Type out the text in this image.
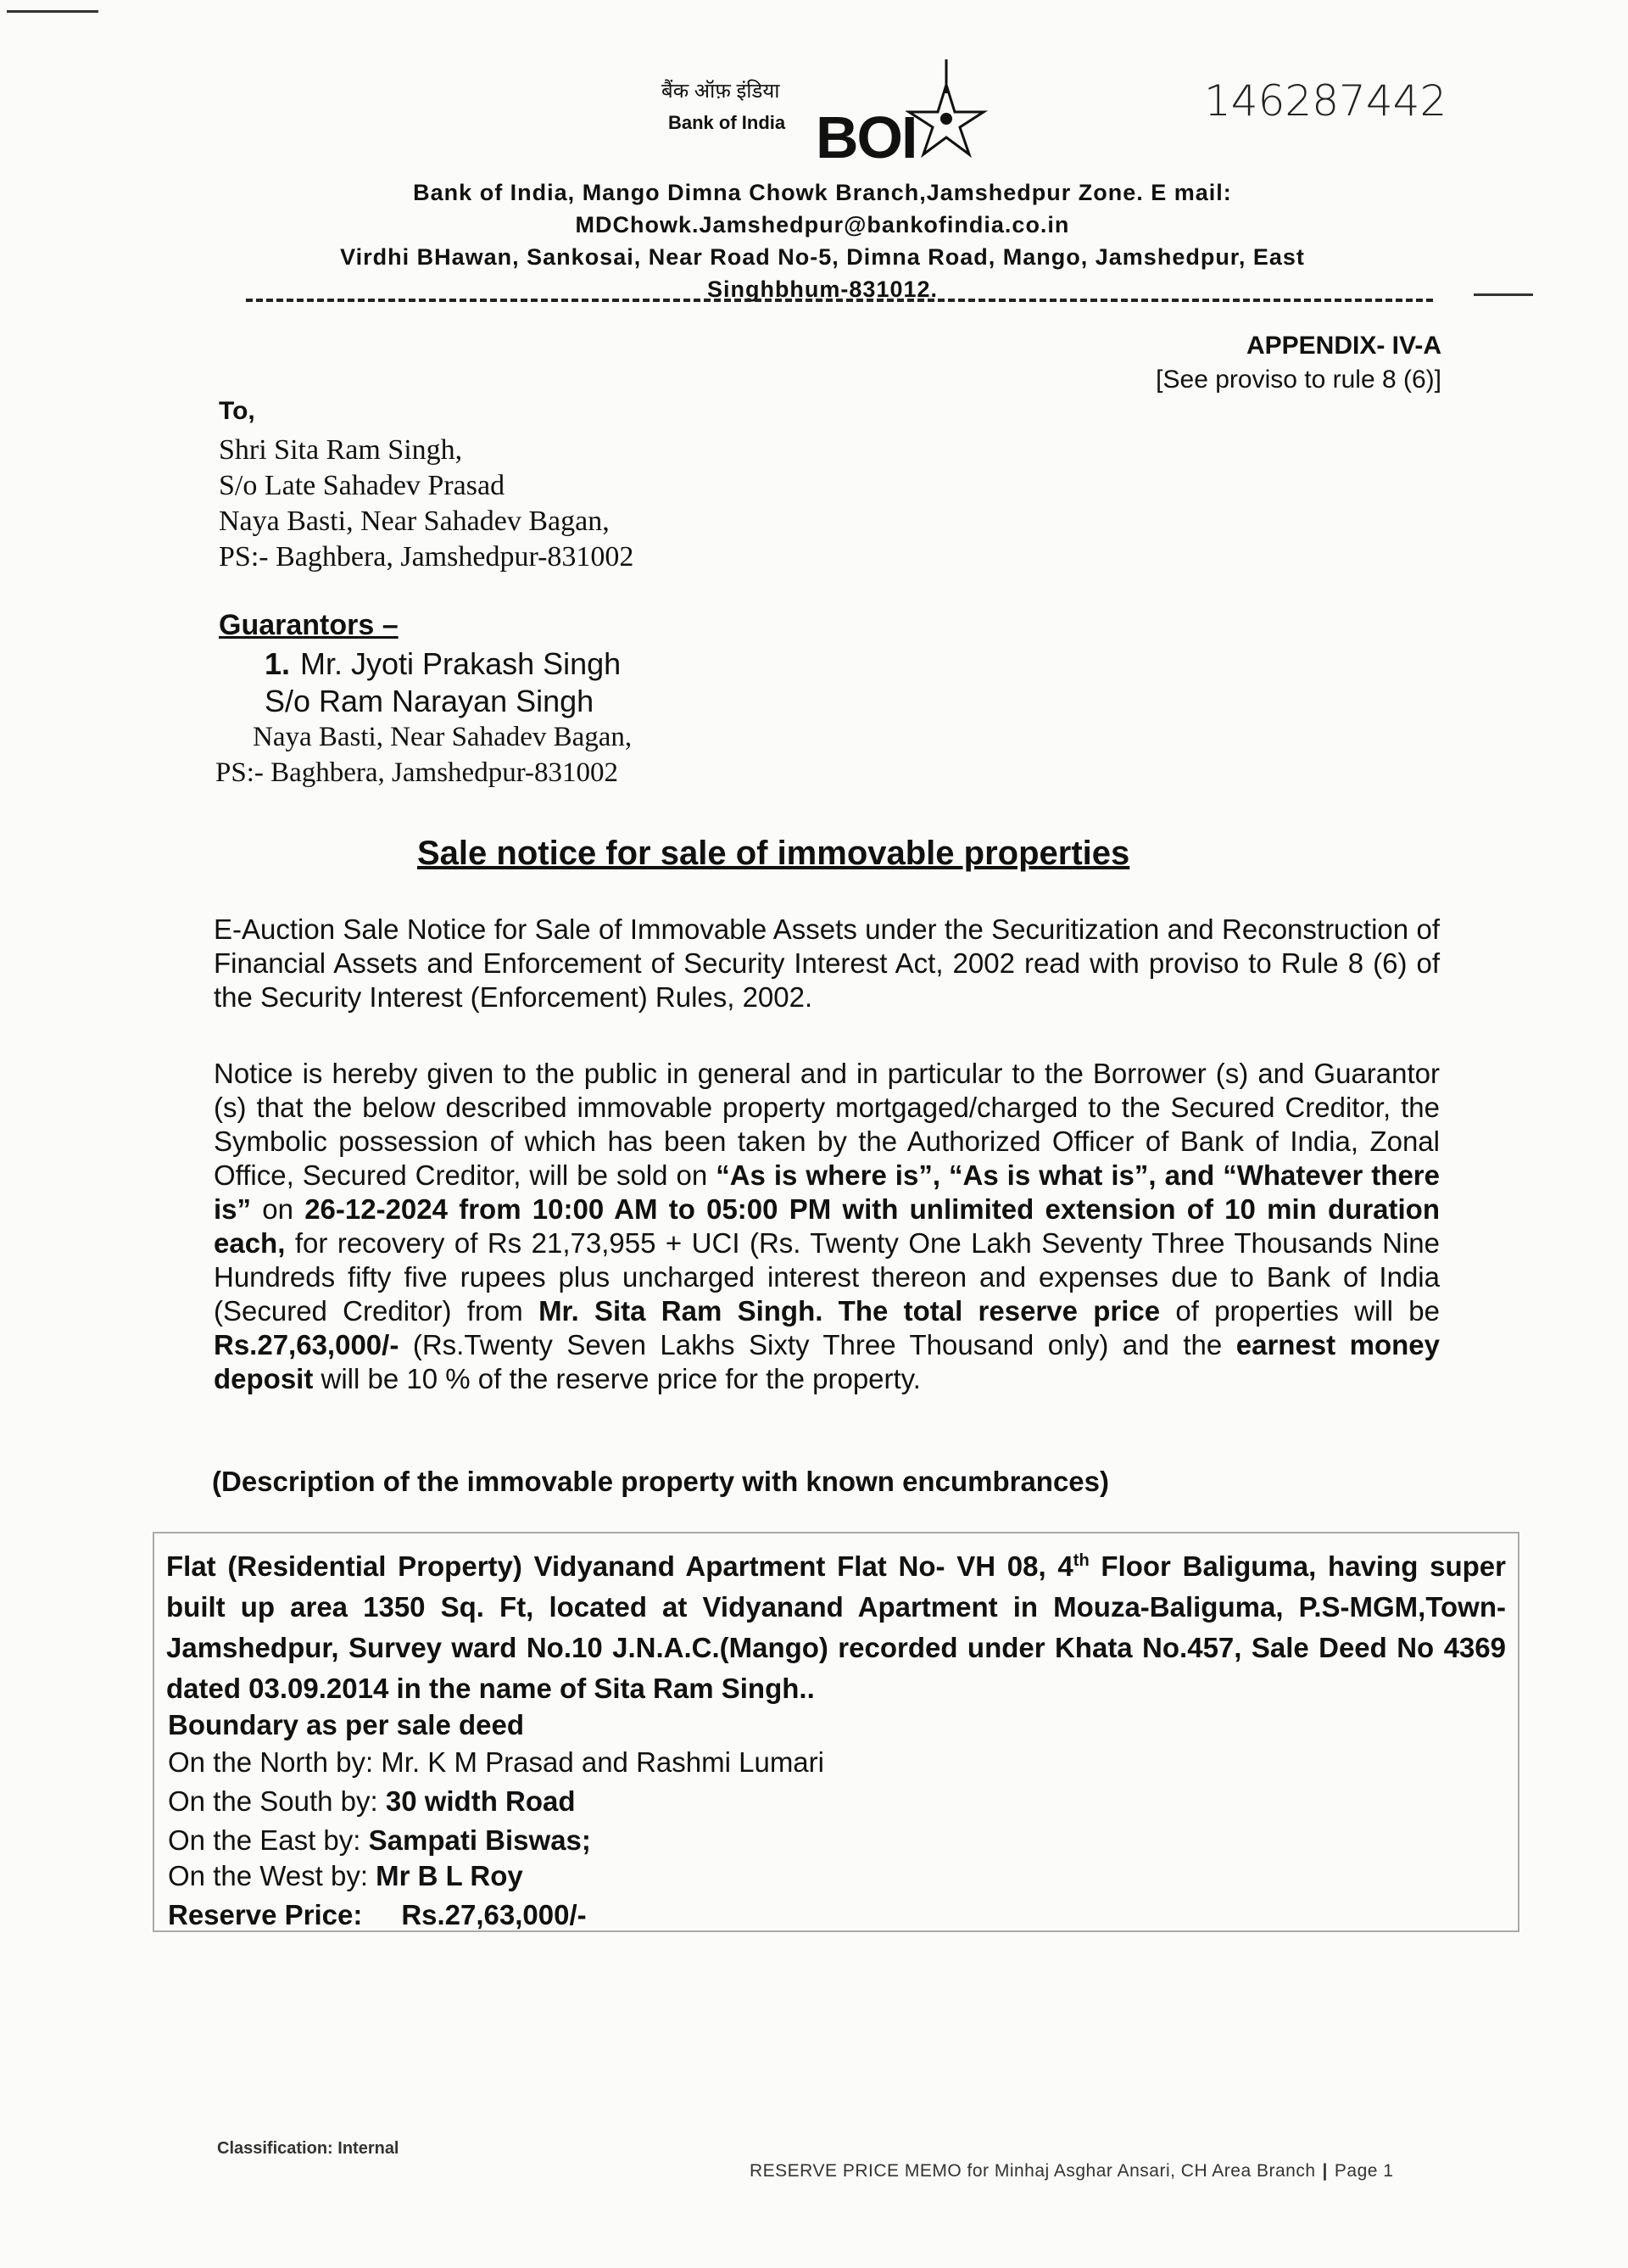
बैंक ऑफ़ इंडिया
Bank of India BOI
146287442
Bank of India, Mango Dimna Chowk Branch,Jamshedpur Zone. E mail:
MDChowk.Jamshedpur@bankofindia.co.in
Virdhi BHawan, Sankosai, Near Road No-5, Dimna Road, Mango, Jamshedpur, East
Singhbhum-831012.
APPENDIX- IV-A
[See proviso to rule 8 (6)]
To,
Shri Sita Ram Singh,
S/o Late Sahadev Prasad
Naya Basti, Near Sahadev Bagan,
PS:- Baghbera, Jamshedpur-831002
Guarantors –
1. Mr. Jyoti Prakash Singh
S/o Ram Narayan Singh
Naya Basti, Near Sahadev Bagan,
PS:- Baghbera, Jamshedpur-831002
Sale notice for sale of immovable properties
E-Auction Sale Notice for Sale of Immovable Assets under the Securitization and Reconstruction of Financial Assets and Enforcement of Security Interest Act, 2002 read with proviso to Rule 8 (6) of the Security Interest (Enforcement) Rules, 2002.
Notice is hereby given to the public in general and in particular to the Borrower (s) and Guarantor (s) that the below described immovable property mortgaged/charged to the Secured Creditor, the Symbolic possession of which has been taken by the Authorized Officer of Bank of India, Zonal Office, Secured Creditor, will be sold on “As is where is”, “As is what is”, and “Whatever there is” on 26-12-2024 from 10:00 AM to 05:00 PM with unlimited extension of 10 min duration each, for recovery of Rs 21,73,955 + UCI (Rs. Twenty One Lakh Seventy Three Thousands Nine Hundreds fifty five rupees plus uncharged interest thereon and expenses due to Bank of India (Secured Creditor) from Mr. Sita Ram Singh. The total reserve price of properties will be Rs.27,63,000/- (Rs.Twenty Seven Lakhs Sixty Three Thousand only) and the earnest money deposit will be 10 % of the reserve price for the property.
(Description of the immovable property with known encumbrances)
Flat (Residential Property) Vidyanand Apartment Flat No- VH 08, 4th Floor Baliguma, having super built up area 1350 Sq. Ft, located at Vidyanand Apartment in Mouza-Baliguma, P.S-MGM,Town-Jamshedpur, Survey ward No.10 J.N.A.C.(Mango) recorded under Khata No.457, Sale Deed No 4369 dated 03.09.2014 in the name of Sita Ram Singh..
Boundary as per sale deed
On the North by: Mr. K M Prasad and Rashmi Lumari
On the South by: 30 width Road
On the East by: Sampati Biswas;
On the West by: Mr B L Roy
Reserve Price: Rs.27,63,000/-
Classification: Internal
RESERVE PRICE MEMO for Minhaj Asghar Ansari, CH Area Branch | Page 1
